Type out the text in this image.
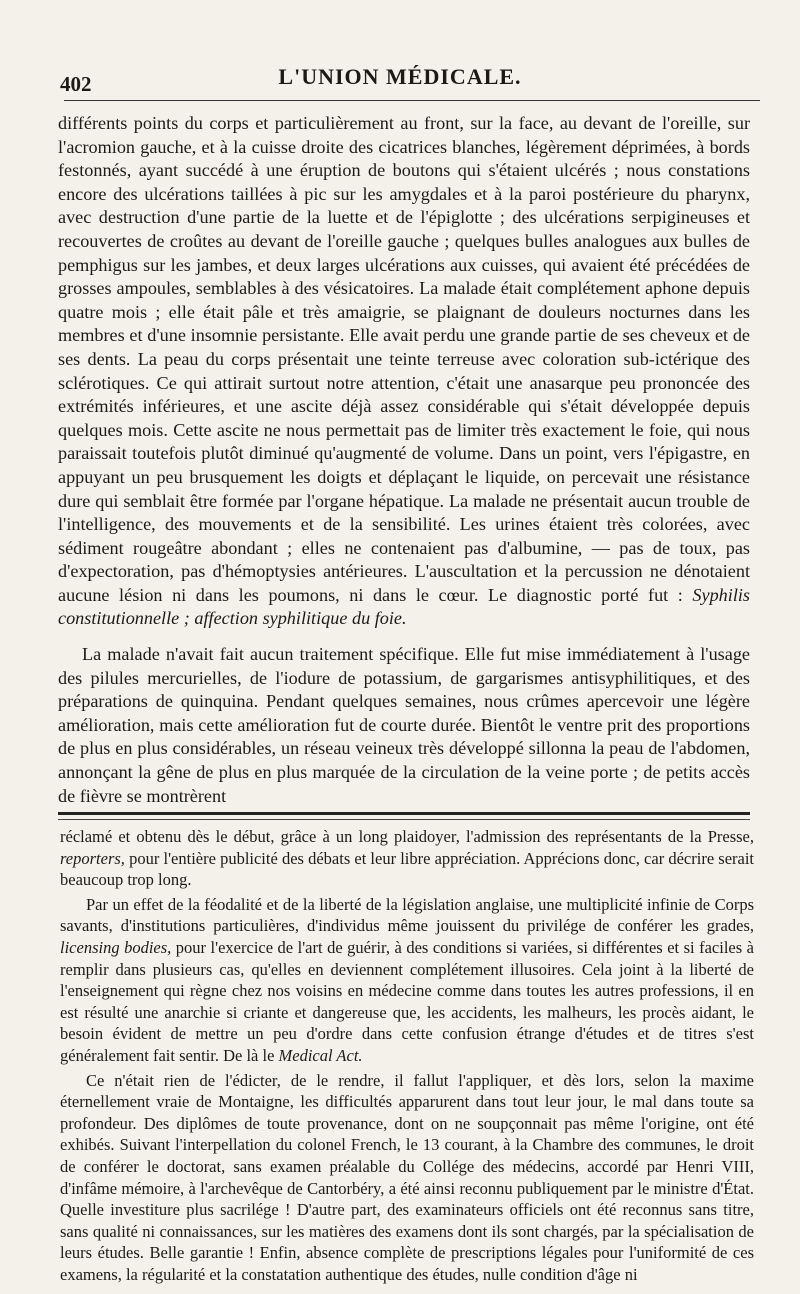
402	L'UNION MÉDICALE.

différents points du corps et particulièrement au front, sur la face, au devant de l'oreille, sur l'acromion gauche, et à la cuisse droite des cicatrices blanches, légèrement déprimées, à bords festonnés, ayant succédé à une éruption de boutons qui s'étaient ulcérés ; nous constations encore des ulcérations taillées à pic sur les amygdales et à la paroi postérieure du pharynx, avec destruction d'une partie de la luette et de l'épiglotte ; des ulcérations serpigineuses et recouvertes de croûtes au devant de l'oreille gauche ; quelques bulles analogues aux bulles de pemphigus sur les jambes, et deux larges ulcérations aux cuisses, qui avaient été précédées de grosses ampoules, semblables à des vésicatoires. La malade était complétement aphone depuis quatre mois ; elle était pâle et très amaigrie, se plaignant de douleurs nocturnes dans les membres et d'une insomnie persistante. Elle avait perdu une grande partie de ses cheveux et de ses dents. La peau du corps présentait une teinte terreuse avec coloration sub-ictérique des sclérotiques. Ce qui attirait surtout notre attention, c'était une anasarque peu prononcée des extrémités inférieures, et une ascite déjà assez considérable qui s'était développée depuis quelques mois. Cette ascite ne nous permettait pas de limiter très exactement le foie, qui nous paraissait toutefois plutôt diminué qu'augmenté de volume. Dans un point, vers l'épigastre, en appuyant un peu brusquement les doigts et déplaçant le liquide, on percevait une résistance dure qui semblait être formée par l'organe hépatique. La malade ne présentait aucun trouble de l'intelligence, des mouvements et de la sensibilité. Les urines étaient très colorées, avec sédiment rougeâtre abondant ; elles ne contenaient pas d'albumine, — pas de toux, pas d'expectoration, pas d'hémoptysies antérieures. L'auscultation et la percussion ne dénotaient aucune lésion ni dans les poumons, ni dans le cœur. Le diagnostic porté fut : Syphilis constitutionnelle ; affection syphilitique du foie.

La malade n'avait fait aucun traitement spécifique. Elle fut mise immédiatement à l'usage des pilules mercurielles, de l'iodure de potassium, de gargarismes antisyphilitiques, et des préparations de quinquina. Pendant quelques semaines, nous crûmes apercevoir une légère amélioration, mais cette amélioration fut de courte durée. Bientôt le ventre prit des proportions de plus en plus considérables, un réseau veineux très développé sillonna la peau de l'abdomen, annonçant la gêne de plus en plus marquée de la circulation de la veine porte ; de petits accès de fièvre se montrèrent

réclamé et obtenu dès le début, grâce à un long plaidoyer, l'admission des représentants de la Presse, reporters, pour l'entière publicité des débats et leur libre appréciation. Apprécions donc, car décrire serait beaucoup trop long.

Par un effet de la féodalité et de la liberté de la législation anglaise, une multiplicité infinie de Corps savants, d'institutions particulières, d'individus même jouissent du privilége de conférer les grades, licensing bodies, pour l'exercice de l'art de guérir, à des conditions si variées, si différentes et si faciles à remplir dans plusieurs cas, qu'elles en deviennent complétement illusoires. Cela joint à la liberté de l'enseignement qui règne chez nos voisins en médecine comme dans toutes les autres professions, il en est résulté une anarchie si criante et dangereuse que, les accidents, les malheurs, les procès aidant, le besoin évident de mettre un peu d'ordre dans cette confusion étrange d'études et de titres s'est généralement fait sentir. De là le Medical Act.

Ce n'était rien de l'édicter, de le rendre, il fallut l'appliquer, et dès lors, selon la maxime éternellement vraie de Montaigne, les difficultés apparurent dans tout leur jour, le mal dans toute sa profondeur. Des diplômes de toute provenance, dont on ne soupçonnait pas même l'origine, ont été exhibés. Suivant l'interpellation du colonel French, le 13 courant, à la Chambre des communes, le droit de conférer le doctorat, sans examen préalable du Collége des médecins, accordé par Henri VIII, d'infâme mémoire, à l'archevêque de Cantorbéry, a été ainsi reconnu publiquement par le ministre d'État. Quelle investiture plus sacrilége ! D'autre part, des examinateurs officiels ont été reconnus sans titre, sans qualité ni connaissances, sur les matières des examens dont ils sont chargés, par la spécialisation de leurs études. Belle garantie ! Enfin, absence complète de prescriptions légales pour l'uniformité de ces examens, la régularité et la constatation authentique des études, nulle condition d'âge ni
